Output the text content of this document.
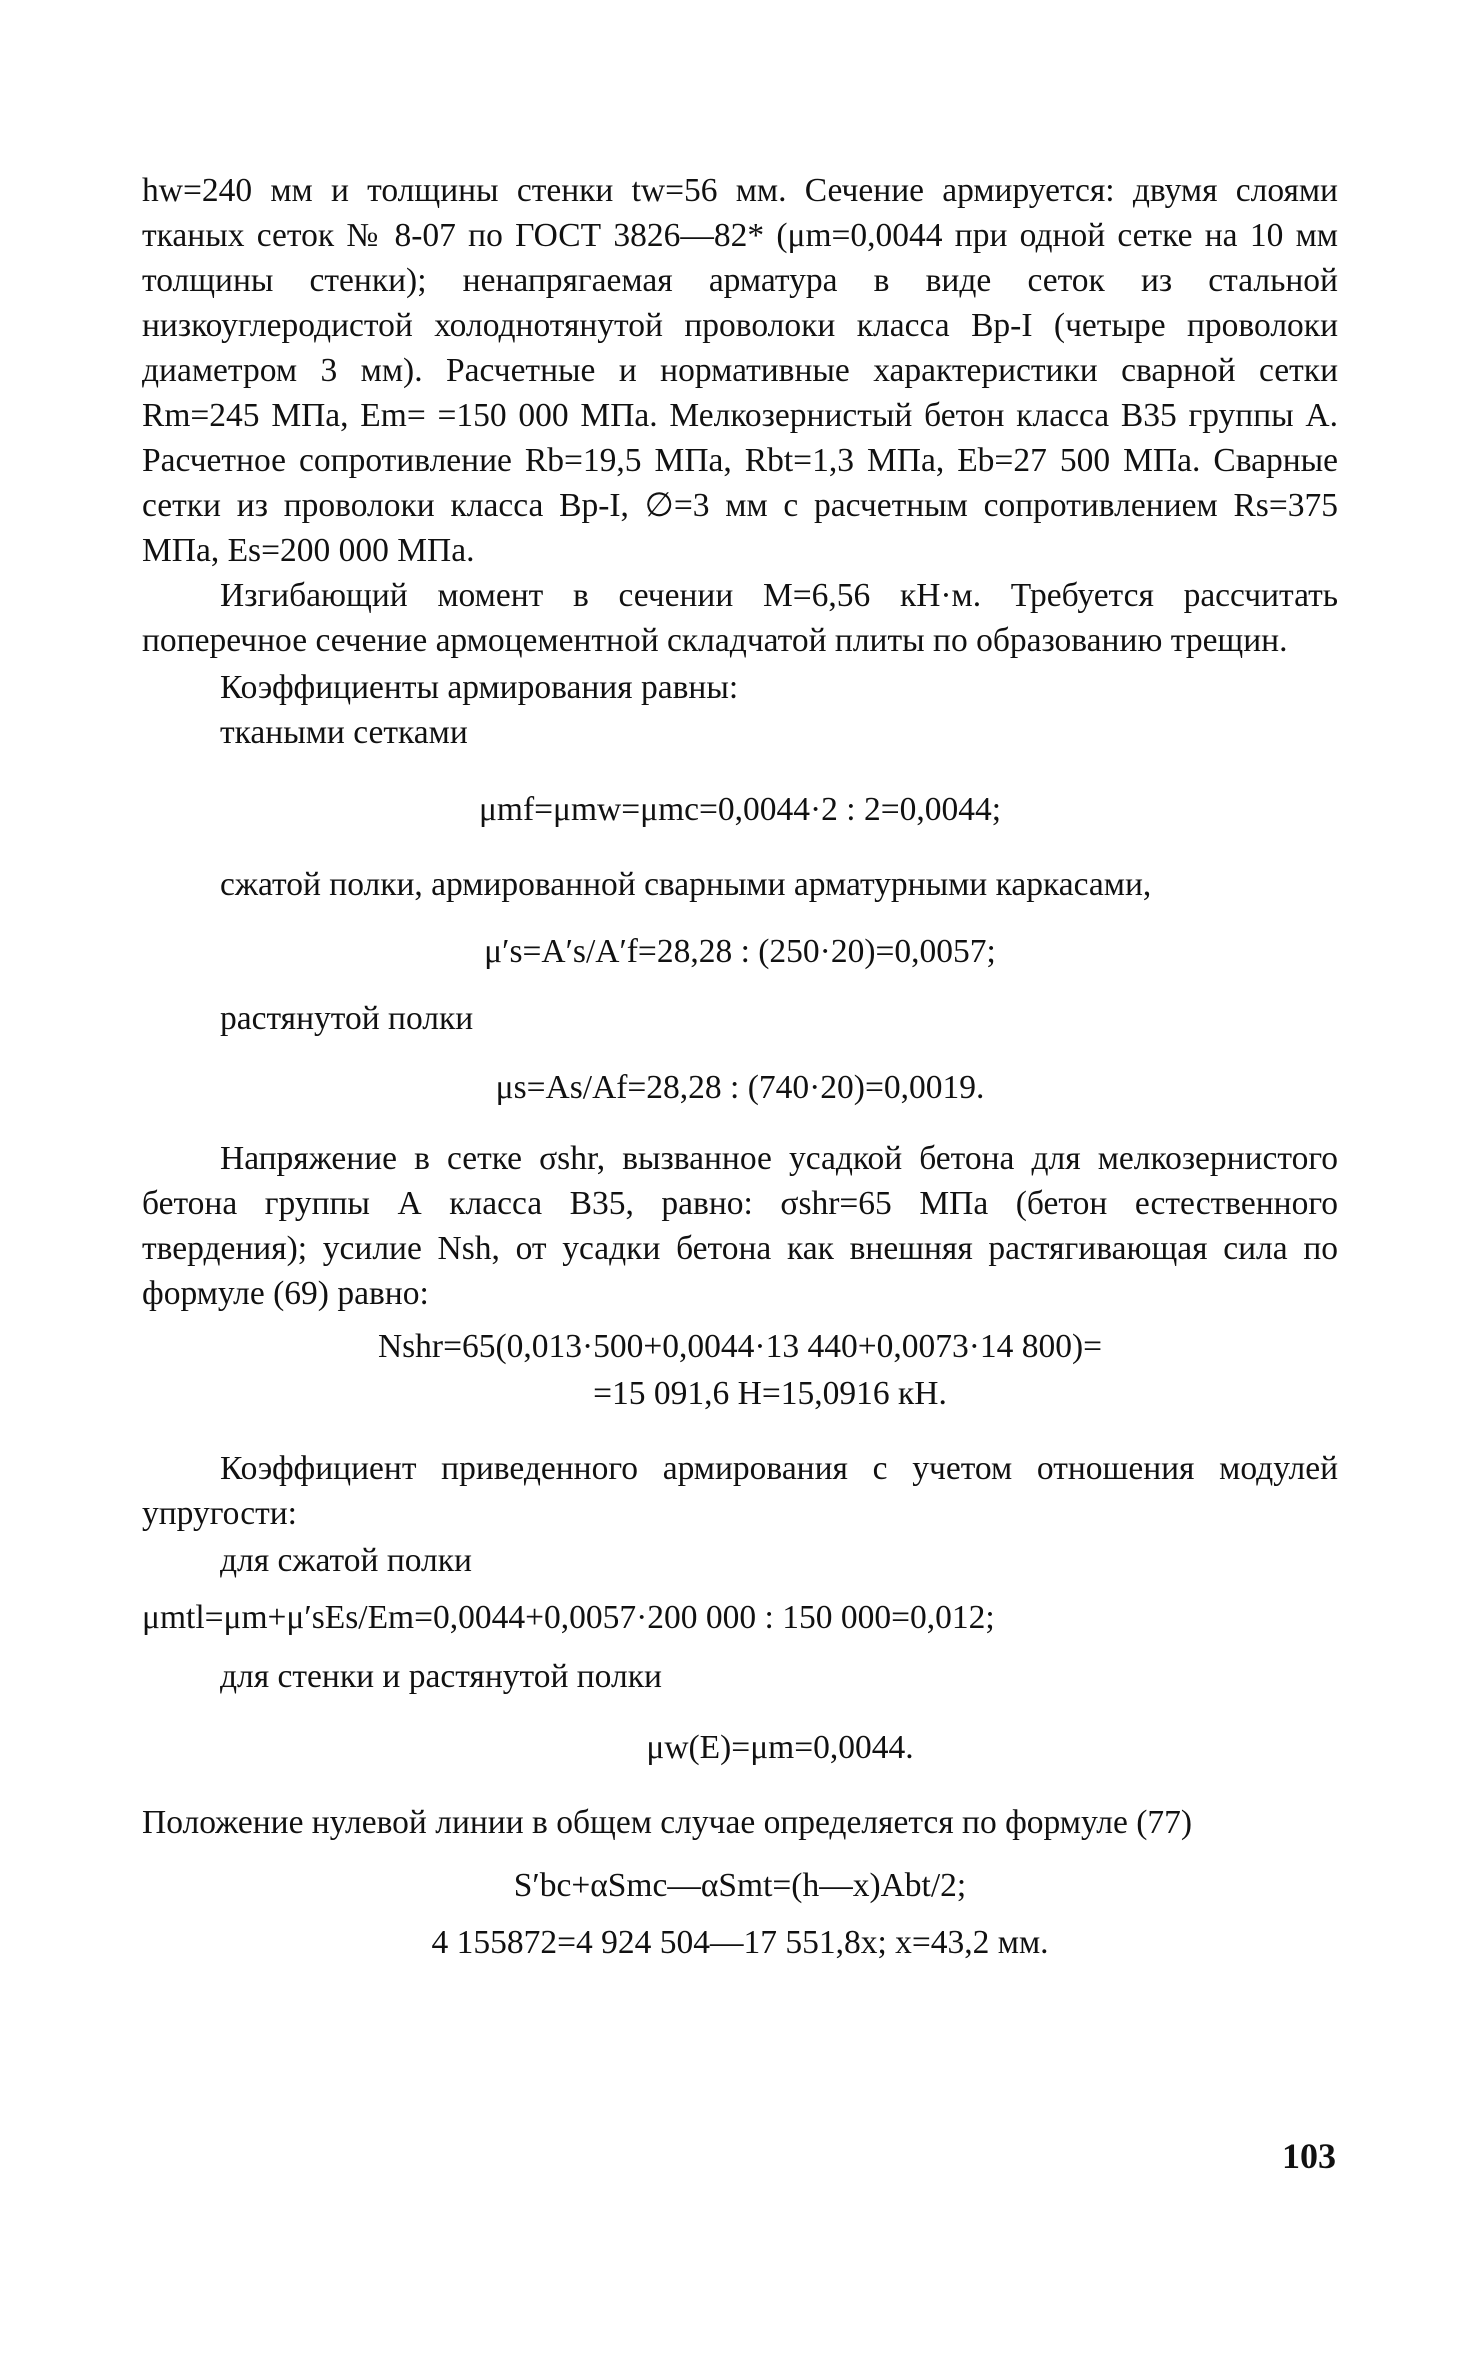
hw=240 мм и толщины стенки tw=56 мм. Сечение армируется: двумя слоями тканых сеток № 8-07 по ГОСТ 3826—82* (μm=0,0044 при одной сетке на 10 мм толщины стенки); ненапрягаемая арматура в виде сеток из стальной низкоуглеродистой холоднотянутой проволоки класса Вр-I (четыре проволоки диаметром 3 мм). Расчетные и нормативные характеристики сварной сетки Rm=245 МПа, Em= =150 000 МПа. Мелкозернистый бетон класса В35 группы А. Расчетное сопротивление Rb=19,5 МПа, Rbt=1,3 МПа, Eb=27 500 МПа. Сварные сетки из проволоки класса Вр-I, ∅=3 мм с расчетным сопротивлением Rs=375 МПа, Es=200 000 МПа.

Изгибающий момент в сечении M=6,56 кН·м. Требуется рассчитать поперечное сечение армоцементной складчатой плиты по образованию трещин.

Коэффициенты армирования равны:

ткаными сетками

μmf=μmw=μmc=0,0044·2 : 2=0,0044;

сжатой полки, армированной сварными арматурными каркасами,

μ′s=A′s/A′f=28,28 : (250·20)=0,0057;

растянутой полки

μs=As/Af=28,28 : (740·20)=0,0019.

Напряжение в сетке σshr, вызванное усадкой бетона для мелкозернистого бетона группы А класса В35, равно: σshr=65 МПа (бетон естественного твердения); усилие Nsh, от усадки бетона как внешняя растягивающая сила по формуле (69) равно:

Nshr=65(0,013·500+0,0044·13 440+0,0073·14 800)=

=15 091,6 Н=15,0916 кН.

Коэффициент приведенного армирования с учетом отношения модулей упругости:

для сжатой полки

μmtl=μm+μ′sEs/Em=0,0044+0,0057·200 000 : 150 000=0,012;

для стенки и растянутой полки

μw(E)=μm=0,0044.

Положение нулевой линии в общем случае определяется по формуле (77)

S′bc+αSmc—αSmt=(h—x)Abt/2;

4 155872=4 924 504—17 551,8x; x=43,2 мм.

103
